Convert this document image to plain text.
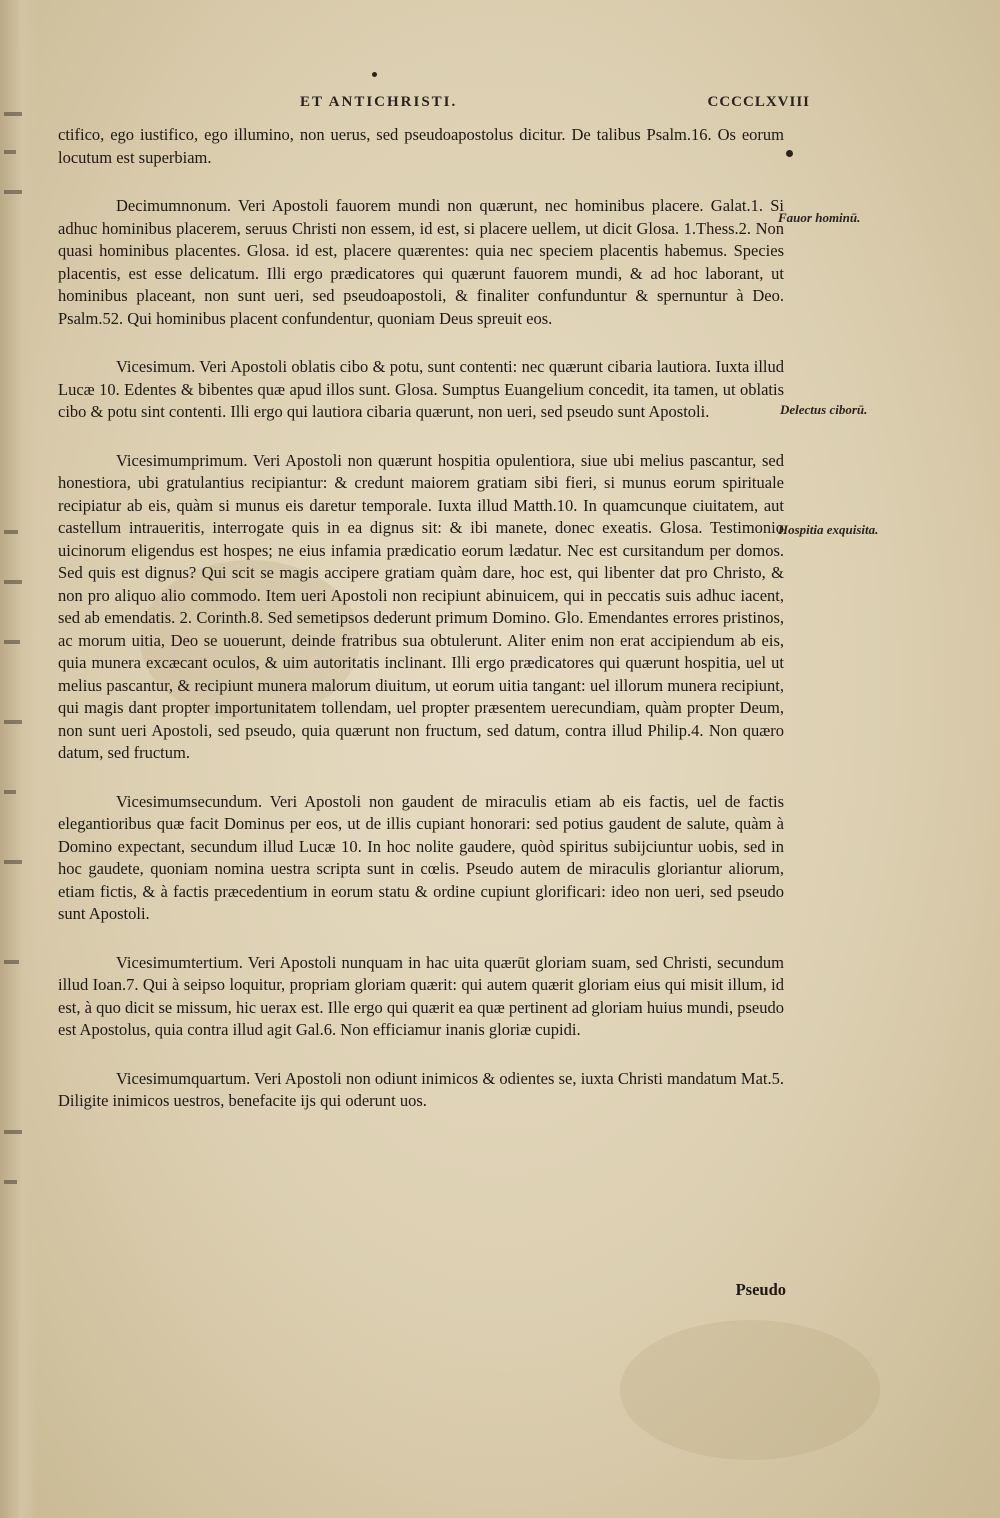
ET ANTICHRISTI.	CCCCLXVIII

ctifico, ego iustifico, ego illumino, non uerus, sed pseudoapostolus dicitur. De talibus Psalm.16. Os eorum locutum est superbiam.

Decimumnonum. Veri Apostoli fauorem mundi non quærunt, nec hominibus placere. Galat.1. Si adhuc hominibus placerem, seruus Christi non essem, id est, si placere uellem, ut dicit Glosa. 1.Thess.2. Non quasi hominibus placentes. Glosa. id est, placere quærentes: quia nec speciem placentis habemus. Species placentis, est esse delicatum. Illi ergo prædicatores qui quærunt fauorem mundi, & ad hoc laborant, ut hominibus placeant, non sunt ueri, sed pseudoapostoli, & finaliter confunduntur & spernuntur à Deo. Psalm.52. Qui hominibus placent confundentur, quoniam Deus spreuit eos.

Vicesimum. Veri Apostoli oblatis cibo & potu, sunt contenti: nec quærunt cibaria lautiora. Iuxta illud Lucæ 10. Edentes & bibentes quæ apud illos sunt. Glosa. Sumptus Euangelium concedit, ita tamen, ut oblatis cibo & potu sint contenti. Illi ergo qui lautiora cibaria quærunt, non ueri, sed pseudo sunt Apostoli.

Vicesimumprimum. Veri Apostoli non quærunt hospitia opulentiora, siue ubi melius pascantur, sed honestiora, ubi gratulantius recipiantur: & credunt maiorem gratiam sibi fieri, si munus eorum spirituale recipiatur ab eis, quàm si munus eis daretur temporale. Iuxta illud Matth.10. In quamcunque ciuitatem, aut castellum intraueritis, interrogate quis in ea dignus sit: & ibi manete, donec exeatis. Glosa. Testimonio uicinorum eligendus est hospes; ne eius infamia prædicatio eorum lædatur. Nec est cursitandum per domos. Sed quis est dignus? Qui scit se magis accipere gratiam quàm dare, hoc est, qui libenter dat pro Christo, & non pro aliquo alio commodo. Item ueri Apostoli non recipiunt abinuicem, qui in peccatis suis adhuc iacent, sed ab emendatis. 2. Corinth.8. Sed semetipsos dederunt primum Domino. Glo. Emendantes errores pristinos, ac morum uitia, Deo se uouerunt, deinde fratribus sua obtulerunt. Aliter enim non erat accipiendum ab eis, quia munera excæcant oculos, & uim autoritatis inclinant. Illi ergo prædicatores qui quærunt hospitia, uel ut melius pascantur, & recipiunt munera malorum diuitum, ut eorum uitia tangant: uel illorum munera recipiunt, qui magis dant propter importunitatem tollendam, uel propter præsentem uerecundiam, quàm propter Deum, non sunt ueri Apostoli, sed pseudo, quia quærunt non fructum, sed datum, contra illud Philip.4. Non quæro datum, sed fructum.

Vicesimumsecundum. Veri Apostoli non gaudent de miraculis etiam ab eis factis, uel de factis elegantioribus quæ facit Dominus per eos, ut de illis cupiant honorari: sed potius gaudent de salute, quàm à Domino expectant, secundum illud Lucæ 10. In hoc nolite gaudere, quòd spiritus subijciuntur uobis, sed in hoc gaudete, quoniam nomina uestra scripta sunt in cœlis. Pseudo autem de miraculis gloriantur aliorum, etiam fictis, & à factis præcedentium in eorum statu & ordine cupiunt glorificari: ideo non ueri, sed pseudo sunt Apostoli.

Vicesimumtertium. Veri Apostoli nunquam in hac uita quærūt gloriam suam, sed Christi, secundum illud Ioan.7. Qui à seipso loquitur, propriam gloriam quærit: qui autem quærit gloriam eius qui misit illum, id est, à quo dicit se missum, hic uerax est. Ille ergo qui quærit ea quæ pertinent ad gloriam huius mundi, pseudo est Apostolus, quia contra illud agit Gal.6. Non efficiamur inanis gloriæ cupidi.

Vicesimumquartum. Veri Apostoli non odiunt inimicos & odientes se, iuxta Christi mandatum Mat.5. Diligite inimicos uestros, benefacite ijs qui oderunt uos.

Pseudo
Fauor hominū.
Delectus ciborū.
Hospitia exquisita.
